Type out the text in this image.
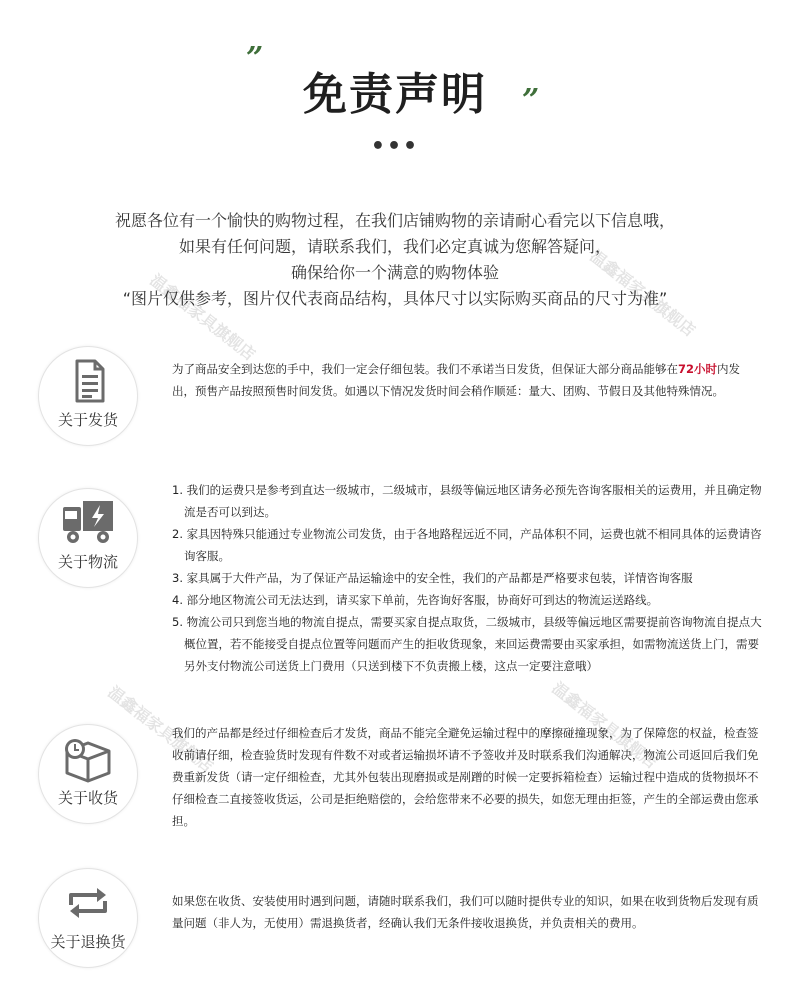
”
免责声明	”
•••
祝愿各位有一个愉快的购物过程，在我们店铺购物的亲请耐心看完以下信息哦，
如果有任何问题，请联系我们，我们必定真诚为您解答疑问，
确保给你一个满意的购物体验
“图片仅供参考，图片仅代表商品结构，具体尺寸以实际购买商品的尺寸为准”
关于发货
为了商品安全到达您的手中，我们一定会仔细包装。我们不承诺当日发货，但保证大部分商品能够在72小时内发出，预售产品按照预售时间发货。如遇以下情况发货时间会稍作顺延：量大、团购、节假日及其他特殊情况。
关于物流
1. 我们的运费只是参考到直达一级城市，二级城市，县级等偏远地区请务必预先咨询客服相关的运费用，并且确定物流是否可以到达。
2. 家具因特殊只能通过专业物流公司发货，由于各地路程远近不同，产品体积不同，运费也就不相同具体的运费请咨询客服。
3. 家具属于大件产品，为了保证产品运输途中的安全性，我们的产品都是严格要求包装，详情咨询客服
4. 部分地区物流公司无法达到，请买家下单前，先咨询好客服，协商好可到达的物流运送路线。
5. 物流公司只到您当地的物流自提点，需要买家自提点取货，二级城市，县级等偏远地区需要提前咨询物流自提点大概位置，若不能接受自提点位置等问题而产生的拒收货现象，来回运费需要由买家承担，如需物流送货上门，需要另外支付物流公司送货上门费用（只送到楼下不负责搬上楼，这点一定要注意哦）
关于收货
我们的产品都是经过仔细检查后才发货，商品不能完全避免运输过程中的摩擦碰撞现象，为了保障您的权益，检查签收前请仔细，检查验货时发现有件数不对或者运输损坏请不予签收并及时联系我们沟通解决，物流公司返回后我们免费重新发货（请一定仔细检查，尤其外包装出现磨损或是剐蹭的时候一定要拆箱检查）运输过程中造成的货物损坏不仔细检查二直接签收货运，公司是拒绝赔偿的，会给您带来不必要的损失，如您无理由拒签，产生的全部运费由您承担。
关于退换货
如果您在收货、安装使用时遇到问题，请随时联系我们，我们可以随时提供专业的知识，如果在收到货物后发现有质量问题（非人为，无使用）需退换货者，经确认我们无条件接收退换货，并负责相关的费用。
温鑫福家具旗舰店
温鑫福家具旗舰店
温鑫福家具旗舰店	温鑫福家具旗舰店
